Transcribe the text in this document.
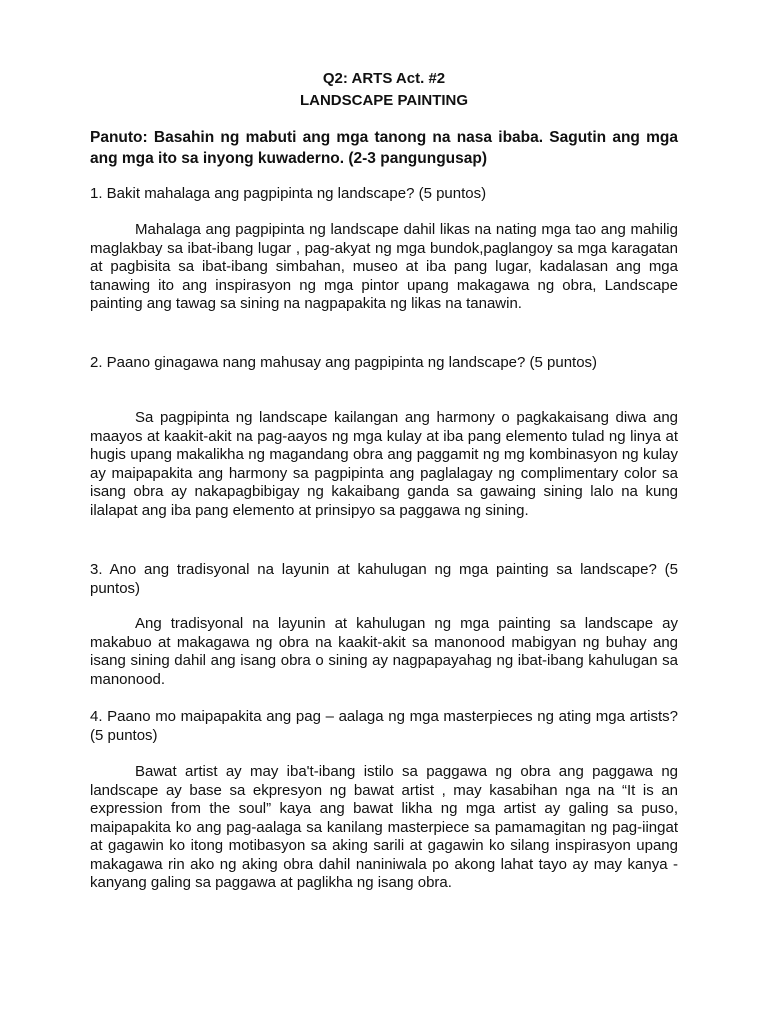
Q2: ARTS Act. #2
LANDSCAPE PAINTING
Panuto: Basahin ng mabuti ang mga tanong na nasa ibaba. Sagutin ang mga ang mga ito sa inyong kuwaderno. (2-3 pangungusap)
1. Bakit mahalaga ang pagpipinta ng landscape? (5 puntos)
Mahalaga ang pagpipinta ng landscape dahil likas na nating mga tao ang mahilig maglakbay sa ibat-ibang lugar , pag-akyat ng mga bundok,paglangoy sa mga karagatan at pagbisita sa ibat-ibang simbahan, museo at iba pang lugar, kadalasan ang mga tanawing ito ang inspirasyon ng mga pintor upang makagawa ng obra, Landscape painting ang tawag sa sining na nagpapakita ng likas na tanawin.
2. Paano ginagawa nang mahusay ang pagpipinta ng landscape? (5 puntos)
Sa pagpipinta ng landscape kailangan ang harmony o pagkakaisang diwa ang maayos at kaakit-akit na pag-aayos ng mga kulay at iba pang elemento tulad ng linya at hugis upang makalikha ng magandang obra ang paggamit ng mg kombinasyon ng kulay ay maipapakita ang harmony sa pagpipinta ang paglalagay ng complimentary color sa isang obra ay nakapagbibigay ng kakaibang ganda sa gawaing sining lalo na kung ilalapat ang iba pang elemento at prinsipyo sa paggawa ng sining.
3. Ano ang tradisyonal na layunin at kahulugan ng mga painting sa landscape? (5 puntos)
Ang tradisyonal na layunin at kahulugan ng mga painting sa landscape ay makabuo at makagawa ng obra na kaakit-akit sa manonood mabigyan ng buhay ang isang sining dahil ang isang obra o sining ay nagpapayahag ng ibat-ibang kahulugan sa manonood.
4. Paano mo maipapakita ang pag – aalaga ng mga masterpieces ng ating mga artists? (5 puntos)
Bawat artist ay may iba't-ibang istilo sa paggawa ng obra ang paggawa ng landscape ay base sa ekpresyon ng bawat artist , may kasabihan nga na “It is an expression from the soul” kaya ang bawat likha ng mga artist ay galing sa puso, maipapakita ko ang pag-aalaga sa kanilang masterpiece sa pamamagitan ng pag-iingat at gagawin ko itong motibasyon sa aking sarili at gagawin ko silang inspirasyon upang makagawa rin ako ng aking obra dahil naniniwala po akong lahat tayo ay may kanya -kanyang galing sa paggawa at paglikha ng isang obra.
